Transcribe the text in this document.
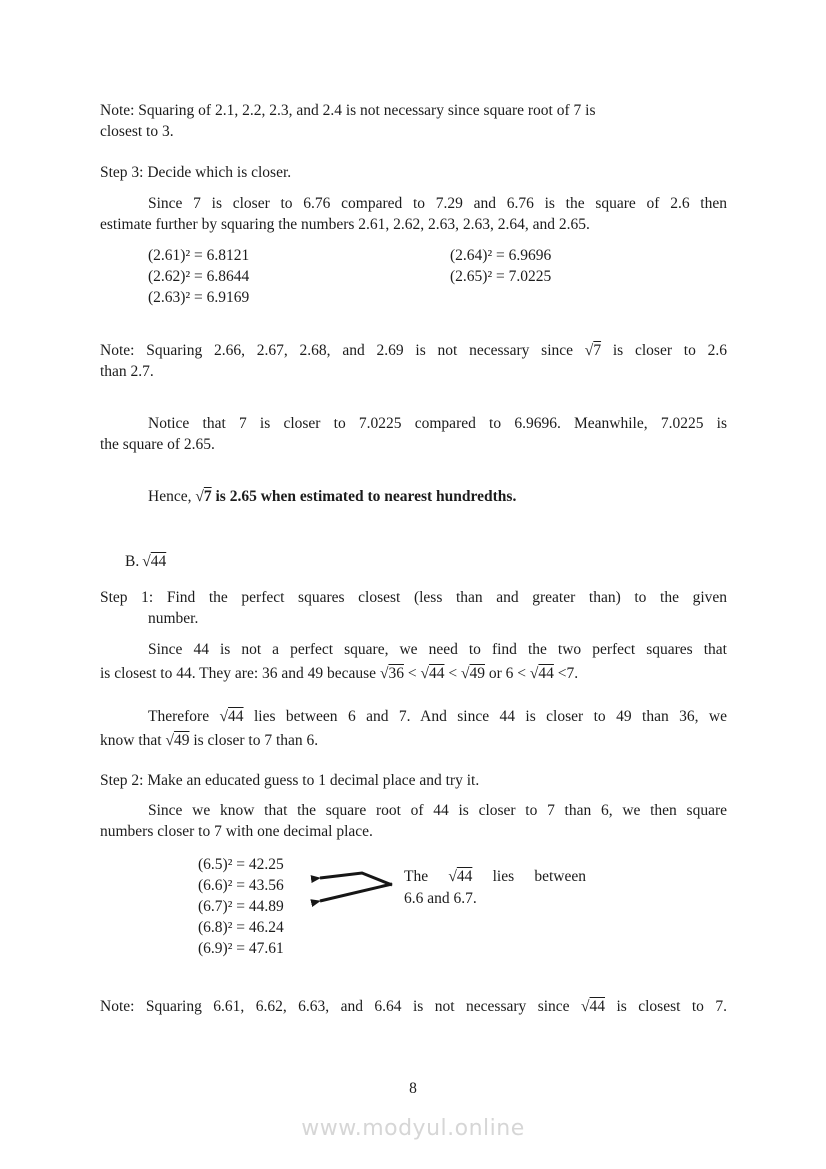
Note: Squaring of 2.1, 2.2, 2.3, and 2.4 is not necessary since square root of 7 is
closest to 3.
Step 3: Decide which is closer.
Since 7 is closer to 6.76 compared to 7.29 and 6.76 is the square of 2.6 then
estimate further by squaring the numbers 2.61, 2.62, 2.63, 2.63, 2.64, and 2.65.
(2.61)² = 6.8121	(2.64)² = 6.9696
(2.62)² = 6.8644	(2.65)² = 7.0225
(2.63)² = 6.9169
Note: Squaring 2.66, 2.67, 2.68, and 2.69 is not necessary since √7 is closer to 2.6
than 2.7.
Notice that 7 is closer to 7.0225 compared to 6.9696. Meanwhile, 7.0225 is
the square of 2.65.
Hence, √7 is 2.65 when estimated to nearest hundredths.
B. √44
Step 1: Find the perfect squares closest (less than and greater than) to the given
number.
Since 44 is not a perfect square, we need to find the two perfect squares that
is closest to 44. They are: 36 and 49 because √36 < √44 < √49 or 6 < √44 <7.
Therefore √44 lies between 6 and 7. And since 44 is closer to 49 than 36, we
know that √49 is closer to 7 than 6.
Step 2: Make an educated guess to 1 decimal place and try it.
Since we know that the square root of 44 is closer to 7 than 6, we then square
numbers closer to 7 with one decimal place.
(6.5)² = 42.25
(6.6)² = 43.56
(6.7)² = 44.89
(6.8)² = 46.24
(6.9)² = 47.61
The √44 lies between
6.6 and 6.7.
Note: Squaring 6.61, 6.62, 6.63, and 6.64 is not necessary since √44 is closest to 7.
8
www.modyul.online
